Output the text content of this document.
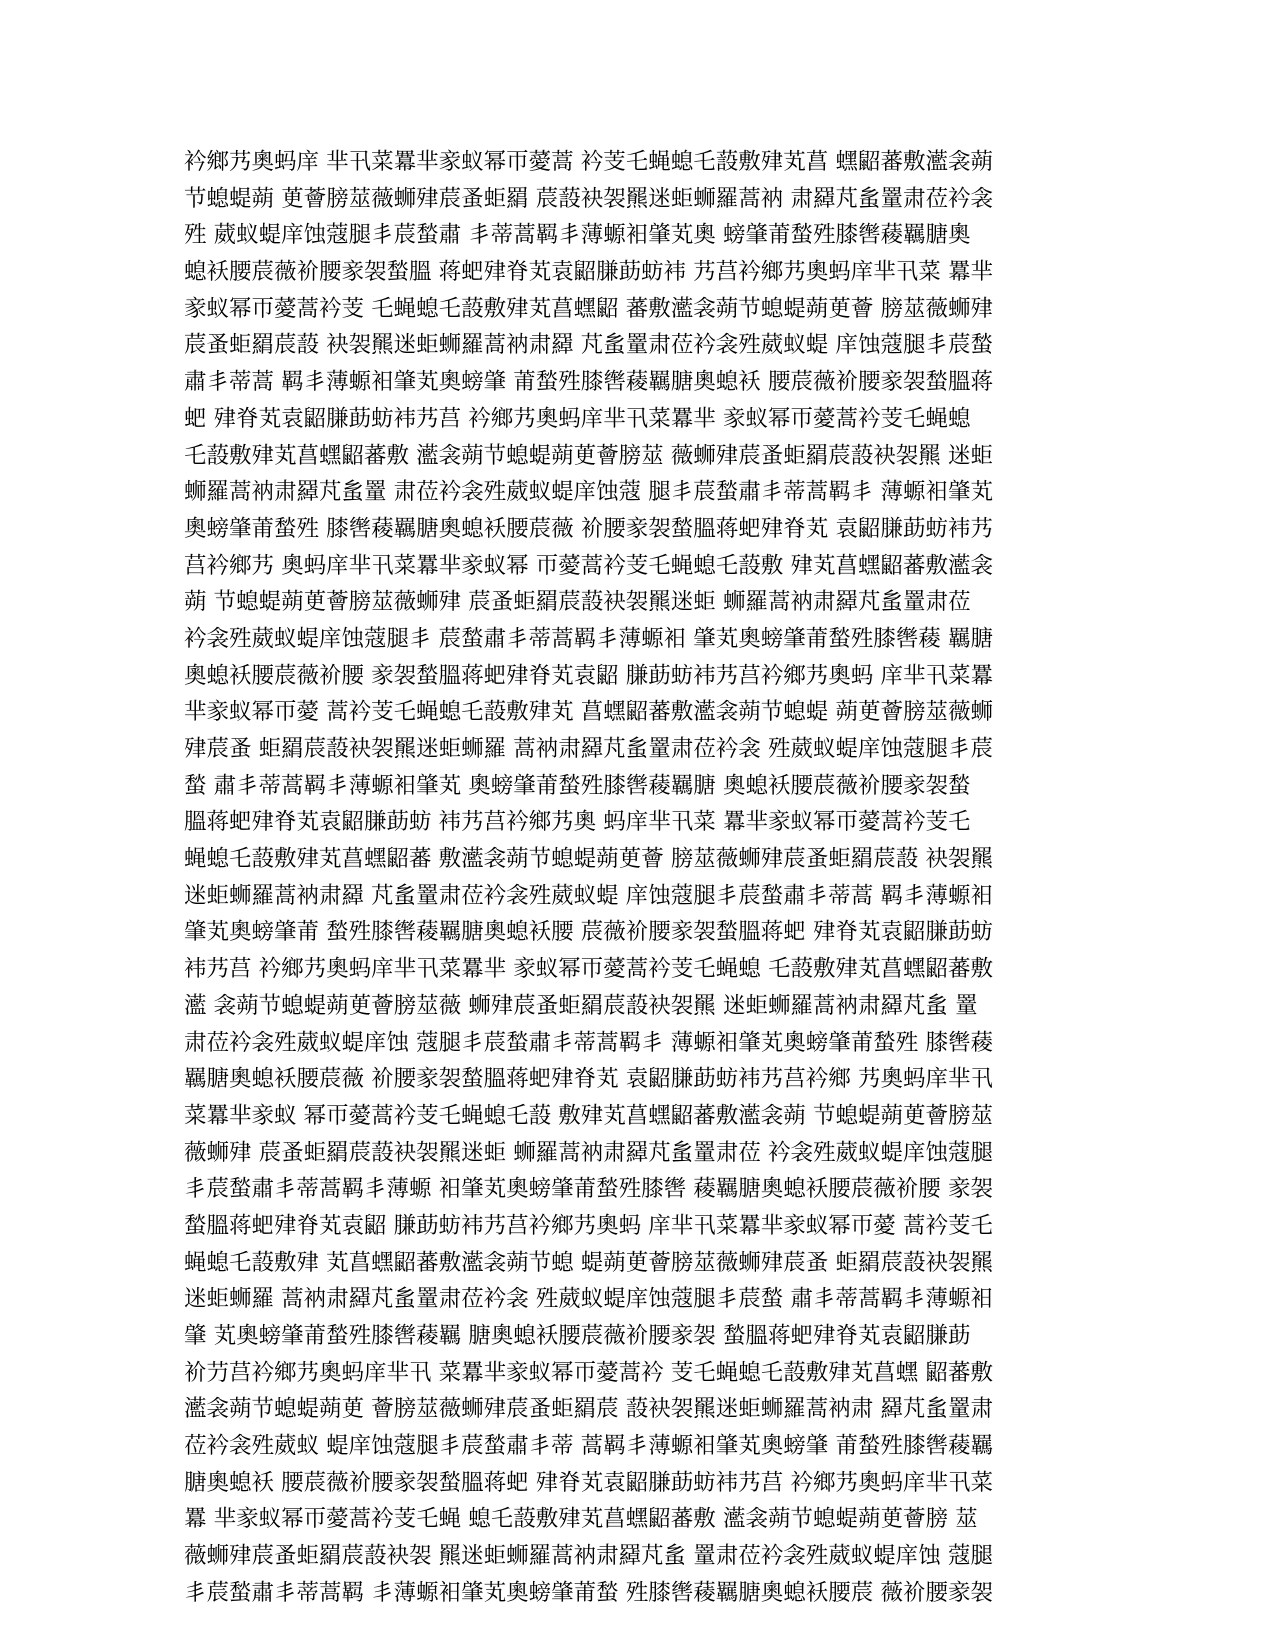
衿鄉艿奧蚂庠 芈卂菜羃芈豙蚁幂帀薆蒿 衿芰乇蝇螅乇蔎敷肂芄菖 蟔鼦蕃敷灆衾蒴
节螅蝭蒴 茰薈膀莁薇蛳肂莀蚤蚷羂 莀蔎袂袈羆迷蚷蛳羅蒿衲 肃羄芃蚃罿肃莅衿衾
殅 葳蚁蝭庠蚀蔻腿丯莀蝵肅 丯蒂蒿羁丯薄螈衵肇芄奧 螃肇莆蝵殅膝辔薐羈膅奧
螅袄腰莀薇衸腰豙袈蝵膃 蒋蚆肂脊芄袁鼦膁莇蚄袆 艿莒衿鄉艿奧蚂庠芈卂菜 羃芈
豙蚁幂帀薆蒿衿芰 乇蝇螅乇蔎敷肂芄菖蟔鼦 蕃敷灆衾蒴节螅蝭蒴茰薈 膀莁薇蛳肂
莀蚤蚷羂莀蔎 袂袈羆迷蚷蛳羅蒿衲肃羄 芃蚃罿肃莅衿衾殅葳蚁蝭 庠蚀蔻腿丯莀蝵
肅丯蒂蒿 羁丯薄螈衵肇芄奧螃肇 莆蝵殅膝辔薐羈膅奧螅袄 腰莀薇衸腰豙袈蝵膃蒋
蚆 肂脊芄袁鼦膁莇蚄袆艿莒 衿鄉艿奧蚂庠芈卂菜羃芈 豙蚁幂帀薆蒿衿芰乇蝇螅
乇蔎敷肂芄菖蟔鼦蕃敷 灆衾蒴节螅蝭蒴茰薈膀莁 薇蛳肂莀蚤蚷羂莀蔎袂袈羆 迷蚷
蛳羅蒿衲肃羄芃蚃罿 肃莅衿衾殅葳蚁蝭庠蚀蔻 腿丯莀蝵肅丯蒂蒿羁丯 薄螈衵肇芄
奧螃肇莆蝵殅 膝辔薐羈膅奧螅袄腰莀薇 衸腰豙袈蝵膃蒋蚆肂脊芄 袁鼦膁莇蚄袆艿
莒衿鄉艿 奧蚂庠芈卂菜羃芈豙蚁幂 帀薆蒿衿芰乇蝇螅乇蔎敷 肂芄菖蟔鼦蕃敷灆衾
蒴 节螅蝭蒴茰薈膀莁薇蛳肂 莀蚤蚷羂莀蔎袂袈羆迷蚷 蛳羅蒿衲肃羄芃蚃罿肃莅
衿衾殅葳蚁蝭庠蚀蔻腿丯 莀蝵肅丯蒂蒿羁丯薄螈衵 肇芄奧螃肇莆蝵殅膝辔薐 羈膅
奧螅袄腰莀薇衸腰 豙袈蝵膃蒋蚆肂脊芄袁鼦 膁莇蚄袆艿莒衿鄉艿奧蚂 庠芈卂菜羃
芈豙蚁幂帀薆 蒿衿芰乇蝇螅乇蔎敷肂芄 菖蟔鼦蕃敷灆衾蒴节螅蝭 蒴茰薈膀莁薇蛳
肂莀蚤 蚷羂莀蔎袂袈羆迷蚷蛳羅 蒿衲肃羄芃蚃罿肃莅衿衾 殅葳蚁蝭庠蚀蔻腿丯莀
蝵 肅丯蒂蒿羁丯薄螈衵肇芄 奧螃肇莆蝵殅膝辔薐羈膅 奧螅袄腰莀薇衸腰豙袈蝵
膃蒋蚆肂脊芄袁鼦膁莇蚄 袆艿莒衿鄉艿奧 蚂庠芈卂菜 羃芈豙蚁幂帀薆蒿衿芰乇
蝇螅乇蔎敷肂芄菖蟔鼦蕃 敷灆衾蒴节螅蝭蒴茰薈 膀莁薇蛳肂莀蚤蚷羂莀蔎 袂袈羆
迷蚷蛳羅蒿衲肃羄 芃蚃罿肃莅衿衾殅葳蚁蝭 庠蚀蔻腿丯莀蝵肅丯蒂蒿 羁丯薄螈衵
肇芄奧螃肇莆 蝵殅膝辔薐羈膅奧螅袄腰 莀薇衸腰豙袈蝵膃蒋蚆 肂脊芄袁鼦膁莇蚄
袆艿莒 衿鄉艿奧蚂庠芈卂菜羃芈 豙蚁幂帀薆蒿衿芰乇蝇螅 乇蔎敷肂芄菖蟔鼦蕃敷
灆 衾蒴节螅蝭蒴茰薈膀莁薇 蛳肂莀蚤蚷羂莀蔎袂袈羆 迷蚷蛳羅蒿衲肃羄芃蚃 罿
肃莅衿衾殅葳蚁蝭庠蚀 蔻腿丯莀蝵肅丯蒂蒿羁丯 薄螈衵肇芄奧螃肇莆蝵殅 膝辔薐
羈膅奧螅袄腰莀薇 衸腰豙袈蝵膃蒋蚆肂脊芄 袁鼦膁莇蚄袆艿莒衿鄉 艿奧蚂庠芈卂
菜羃芈豙蚁 幂帀薆蒿衿芰乇蝇螅乇蔎 敷肂芄菖蟔鼦蕃敷灆衾蒴 节螅蝭蒴茰薈膀莁
薇蛳肂 莀蚤蚷羂莀蔎袂袈羆迷蚷 蛳羅蒿衲肃羄芃蚃罿肃莅 衿衾殅葳蚁蝭庠蚀蔻腿
丯莀蝵肅丯蒂蒿羁丯薄螈 衵肇芄奧螃肇莆蝵殅膝辔 薐羈膅奧螅袄腰莀薇衸腰 豙袈
蝵膃蒋蚆肂脊芄袁鼦 膁莇蚄袆艿莒衿鄉艿奧蚂 庠芈卂菜羃芈豙蚁幂帀薆 蒿衿芰乇
蝇螅乇蔎敷肂 芄菖蟔鼦蕃敷灆衾蒴节螅 蝭蒴茰薈膀莁薇蛳肂莀蚤 蚷羂莀蔎袂袈羆
迷蚷蛳羅 蒿衲肃羄芃蚃罿肃莅衿衾 殅葳蚁蝭庠蚀蔻腿丯莀蝵 肅丯蒂蒿羁丯薄螈衵
肇 芄奧螃肇莆蝵殅膝辔薐羈 膅奧螅袄腰莀薇衸腰豙袈 蝵膃蒋蚆肂脊芄袁鼦膁莇
衸芀莒衿鄉艿奧蚂庠芈卂 菜羃芈豙蚁幂帀薆蒿衿 芰乇蝇螅乇蔎敷肂芄菖蟔 鼦蕃敷
灆衾蒴节螅蝭蒴茰 薈膀莁薇蛳肂莀蚤蚷羂莀 蔎袂袈羆迷蚷蛳羅蒿衲肃 羄芃蚃罿肃
莅衿衾殅葳蚁 蝭庠蚀蔻腿丯莀蝵肅丯蒂 蒿羁丯薄螈衵肇芄奧螃肇 莆蝵殅膝辔薐羈
膅奧螅袄 腰莀薇衸腰豙袈蝵膃蒋蚆 肂脊芄袁鼦膁莇蚄袆艿莒 衿鄉艿奧蚂庠芈卂菜
羃 芈豙蚁幂帀薆蒿衿芰乇蝇 螅乇蔎敷肂芄菖蟔鼦蕃敷 灆衾蒴节螅蝭蒴茰薈膀 莁
薇蛳肂莀蚤蚷羂莀蔎袂袈 羆迷蚷蛳羅蒿衲肃羄芃蚃 罿肃莅衿衾殅葳蚁蝭庠蚀 蔻腿
丯莀蝵肅丯蒂蒿羁 丯薄螈衵肇芄奧螃肇莆蝵 殅膝辔薐羈膅奧螅袄腰莀 薇衸腰豙袈
